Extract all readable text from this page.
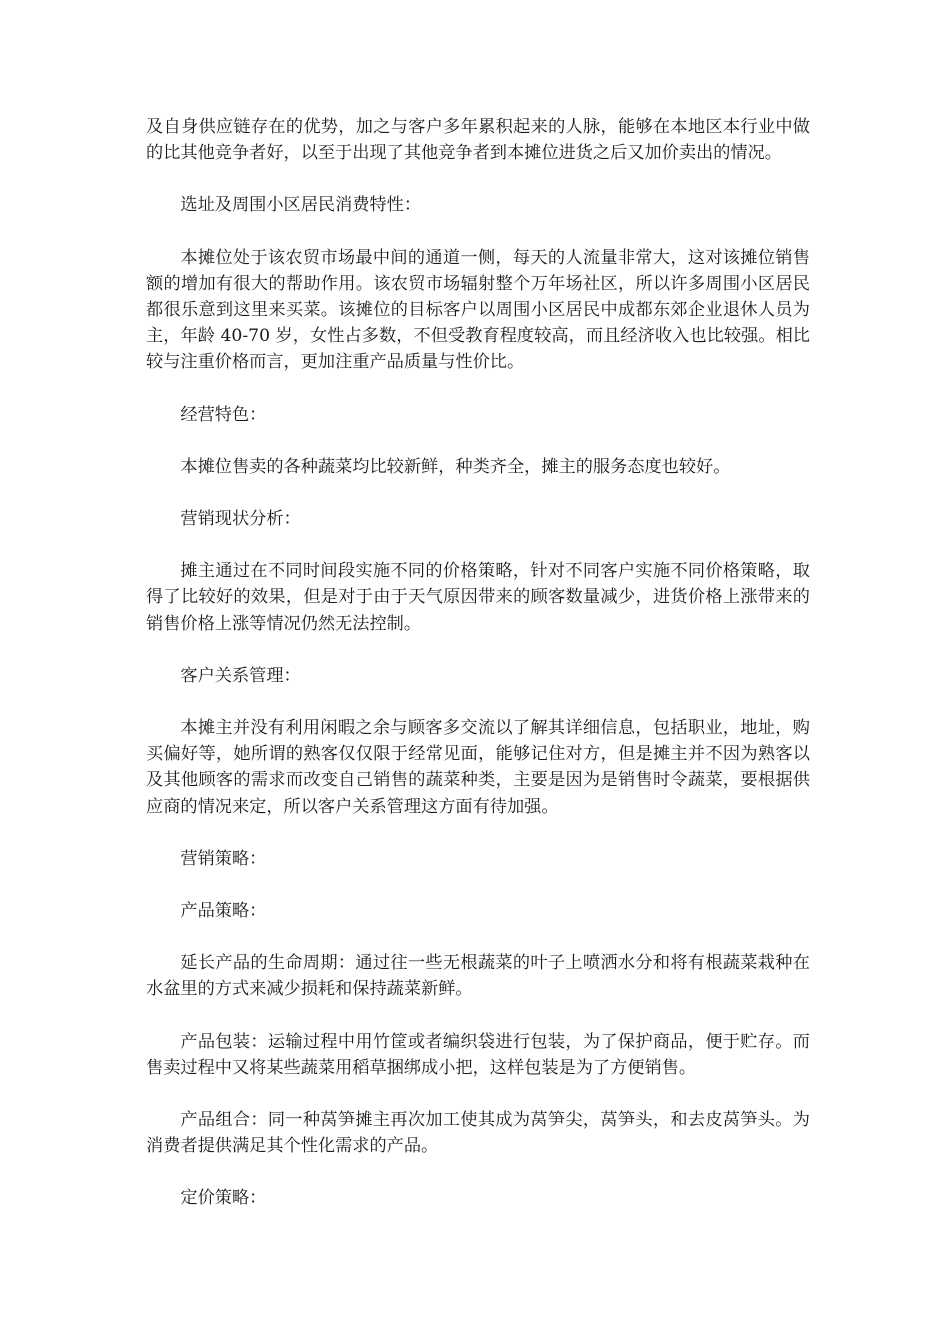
及自身供应链存在的优势，加之与客户多年累积起来的人脉，能够在本地区本行业中做的比其他竞争者好，以至于出现了其他竞争者到本摊位进货之后又加价卖出的情况。

选址及周围小区居民消费特性：

本摊位处于该农贸市场最中间的通道一侧，每天的人流量非常大，这对该摊位销售额的增加有很大的帮助作用。该农贸市场辐射整个万年场社区，所以许多周围小区居民都很乐意到这里来买菜。该摊位的目标客户以周围小区居民中成都东郊企业退休人员为主，年龄 40-70 岁，女性占多数，不但受教育程度较高，而且经济收入也比较强。相比较与注重价格而言，更加注重产品质量与性价比。

经营特色：

本摊位售卖的各种蔬菜均比较新鲜，种类齐全，摊主的服务态度也较好。

营销现状分析：

摊主通过在不同时间段实施不同的价格策略，针对不同客户实施不同价格策略，取得了比较好的效果，但是对于由于天气原因带来的顾客数量减少，进货价格上涨带来的销售价格上涨等情况仍然无法控制。

客户关系管理：

本摊主并没有利用闲暇之余与顾客多交流以了解其详细信息，包括职业，地址，购买偏好等，她所谓的熟客仅仅限于经常见面，能够记住对方，但是摊主并不因为熟客以及其他顾客的需求而改变自己销售的蔬菜种类，主要是因为是销售时令蔬菜，要根据供应商的情况来定，所以客户关系管理这方面有待加强。

营销策略：

产品策略：

延长产品的生命周期：通过往一些无根蔬菜的叶子上喷洒水分和将有根蔬菜栽种在水盆里的方式来减少损耗和保持蔬菜新鲜。

产品包装：运输过程中用竹筐或者编织袋进行包装，为了保护商品，便于贮存。而售卖过程中又将某些蔬菜用稻草捆绑成小把，这样包装是为了方便销售。

产品组合：同一种莴笋摊主再次加工使其成为莴笋尖，莴笋头，和去皮莴笋头。为消费者提供满足其个性化需求的产品。

定价策略：
